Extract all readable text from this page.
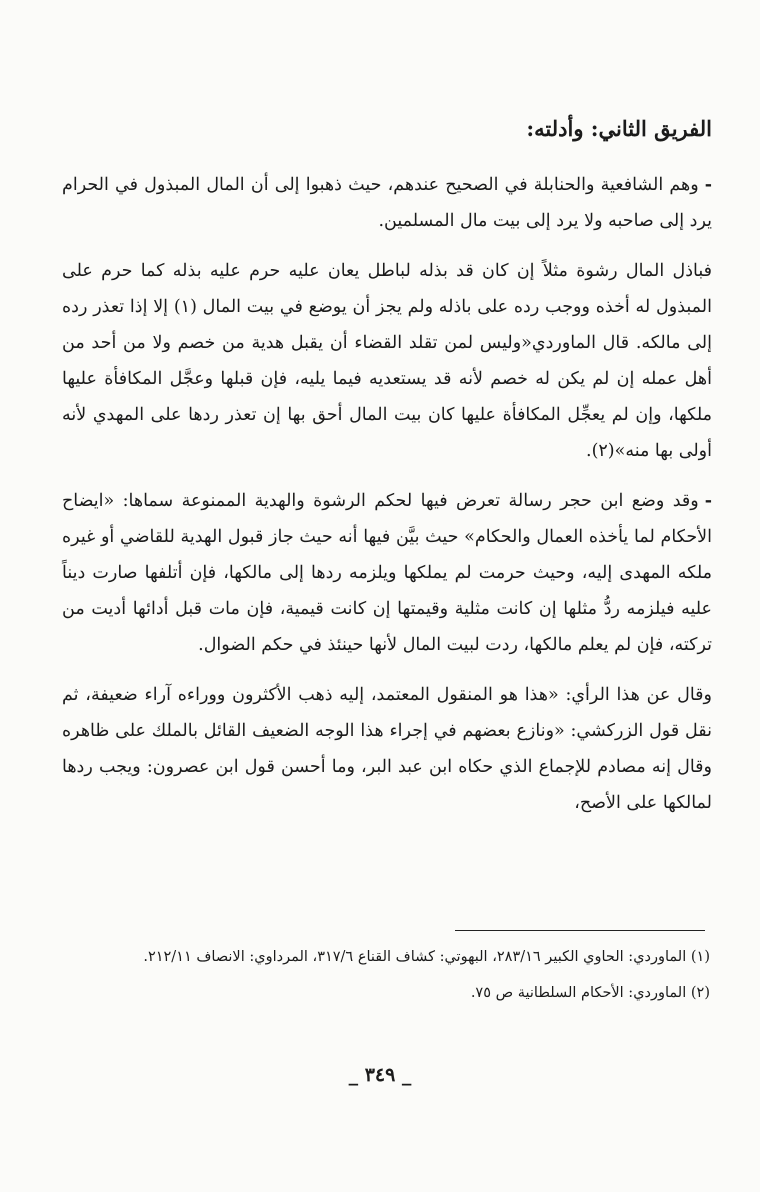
الفريق الثاني: وأدلته:

-وهم الشافعية والحنابلة في الصحيح عندهم، حيث ذهبوا إلى أن المال المبذول في الحرام يرد إلى صاحبه ولا يرد إلى بيت مال المسلمين.

فباذل المال رشوة مثلاً إن كان قد بذله لباطل يعان عليه حرم عليه بذله كما حرم على المبذول له أخذه ووجب رده على باذله ولم يجز أن يوضع في بيت المال (١) إلا إذا تعذر رده إلى مالكه. قال الماوردي«وليس لمن تقلد القضاء أن يقبل هدية من خصم ولا من أحد من أهل عمله إن لم يكن له خصم لأنه قد يستعديه فيما يليه، فإن قبلها وعجَّل المكافأة عليها ملكها، وإن لم يعجِّل المكافأة عليها كان بيت المال أحق بها إن تعذر ردها على المهدي لأنه أولى بها منه»(٢).

-وقد وضع ابن حجر رسالة تعرض فيها لحكم الرشوة والهدية الممنوعة سماها: «ايضاح الأحكام لما يأخذه العمال والحكام» حيث بيَّن فيها أنه حيث جاز قبول الهدية للقاضي أو غيره ملكه المهدى إليه، وحيث حرمت لم يملكها ويلزمه ردها إلى مالكها، فإن أتلفها صارت ديناً عليه فيلزمه ردُّ مثلها إن كانت مثلية وقيمتها إن كانت قيمية، فإن مات قبل أدائها أديت من تركته، فإن لم يعلم مالكها، ردت لبيت المال لأنها حينئذ في حكم الضوال.

وقال عن هذا الرأي: «هذا هو المنقول المعتمد، إليه ذهب الأكثرون ووراءه آراء ضعيفة، ثم نقل قول الزركشي: «ونازع بعضهم في إجراء هذا الوجه الضعيف القائل بالملك على ظاهره وقال إنه مصادم للإجماع الذي حكاه ابن عبد البر، وما أحسن قول ابن عصرون: ويجب ردها لمالكها على الأصح،

(١) الماوردي: الحاوي الكبير ٢٨٣/١٦، البهوتي: كشاف القناع ٣١٧/٦، المرداوي: الانصاف ٢١٢/١١.

(٢) الماوردي: الأحكام السلطانية ص ٧٥.

_ ٣٤٩ _
